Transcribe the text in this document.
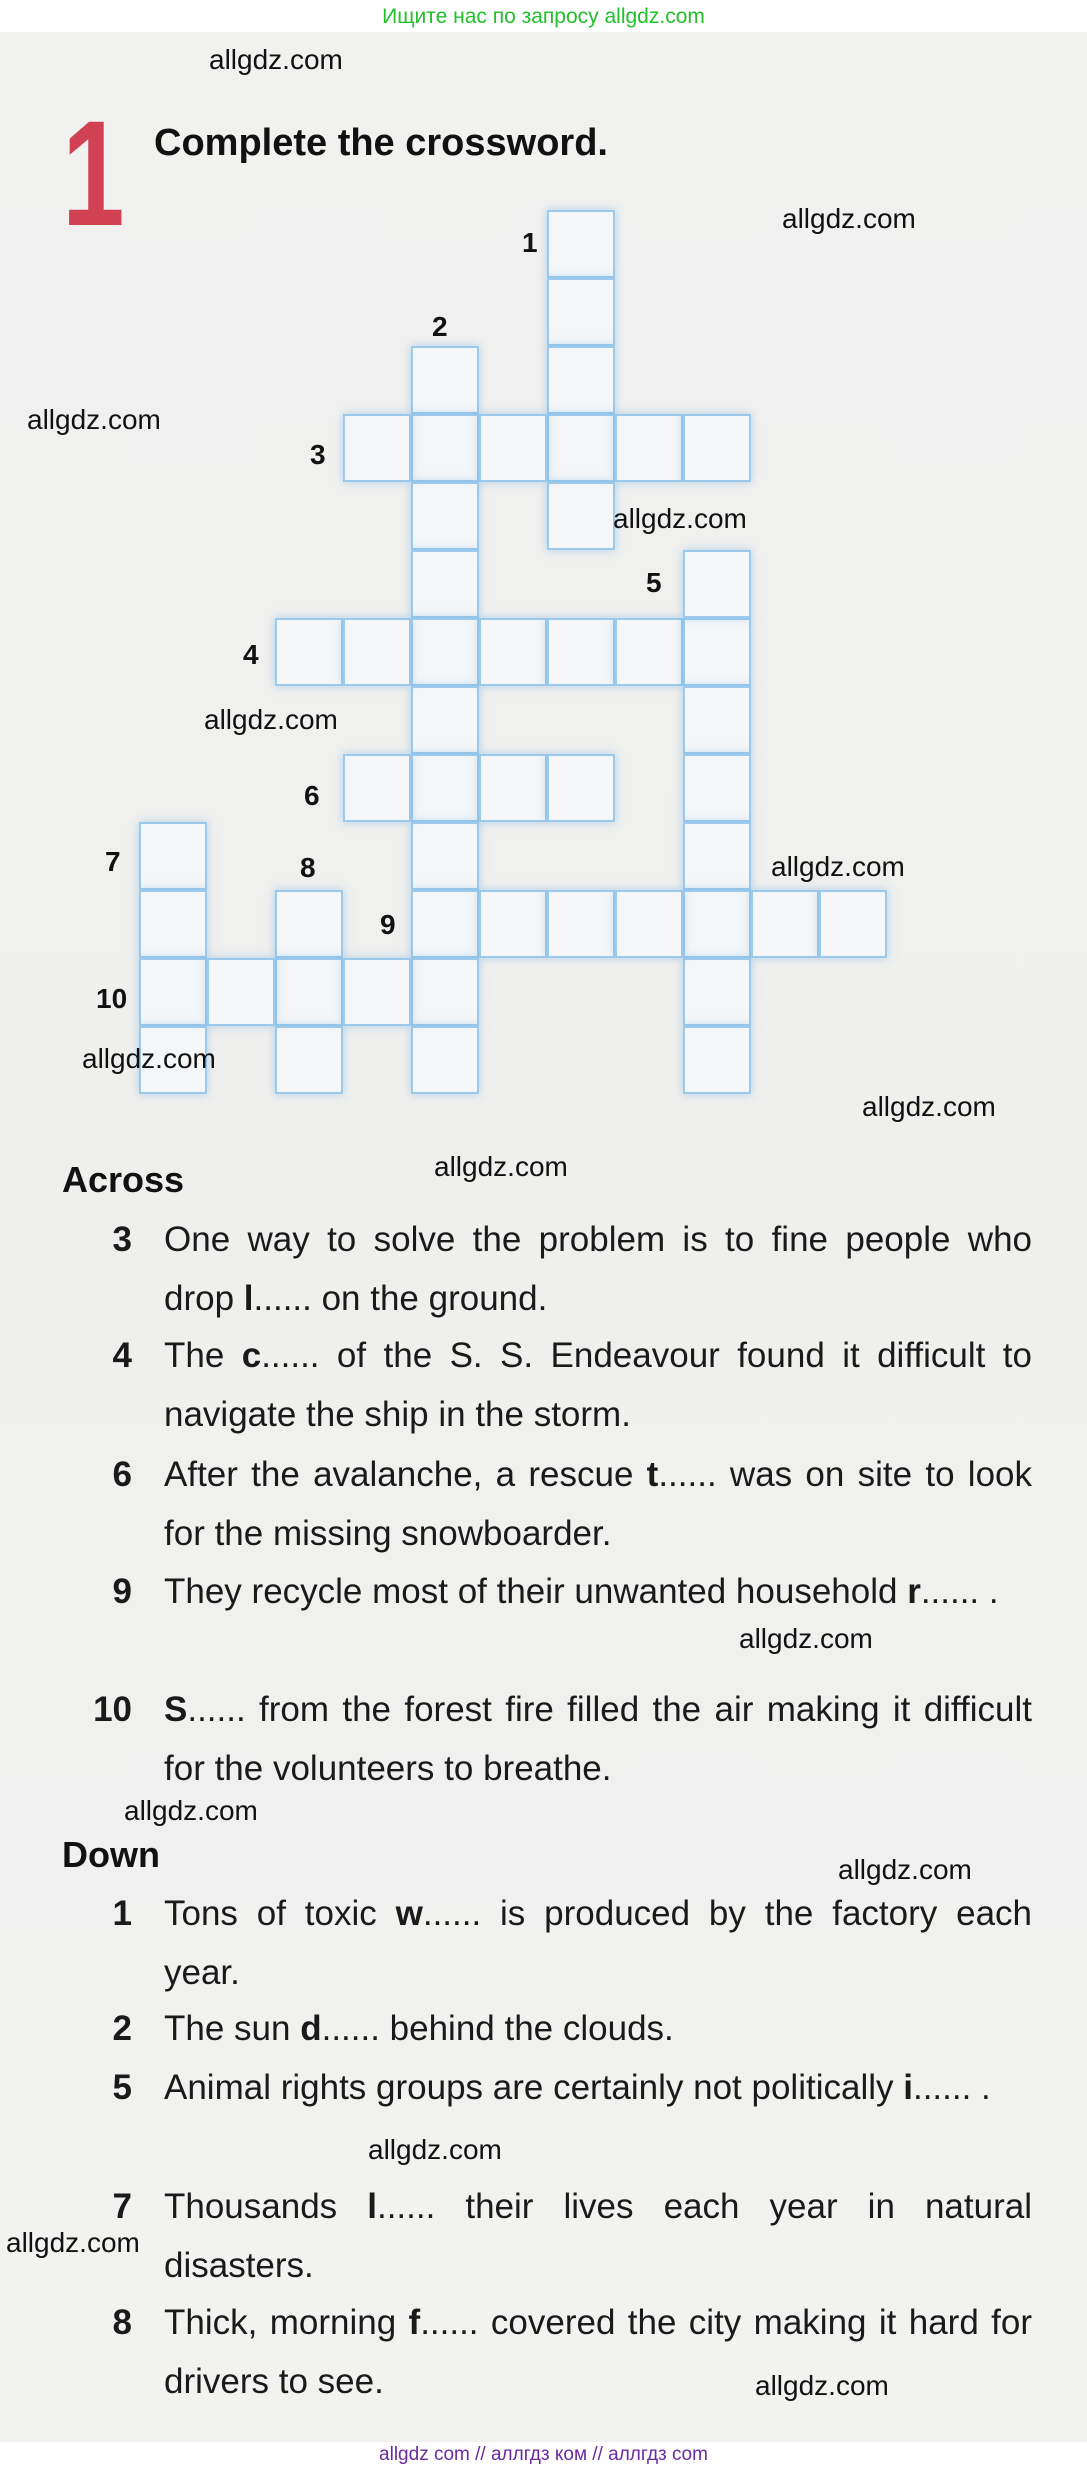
Ищите нас по запросу allgdz.com
1 Complete the crossword.
1
2
3
4
5
6
7	8
9
10
Across
3 One way to solve the problem is to fine people who drop l...... on the ground.
4 The c...... of the S. S. Endeavour found it difficult to navigate the ship in the storm.
6 After the avalanche, a rescue t...... was on site to look for the missing snowboarder.
9 They recycle most of their unwanted household r...... .
10 S...... from the forest fire filled the air making it difficult for the volunteers to breathe.
Down
1 Tons of toxic w...... is produced by the factory each year.
2 The sun d...... behind the clouds.
5 Animal rights groups are certainly not politically i...... .
7 Thousands l...... their lives each year in natural disasters.
8 Thick, morning f...... covered the city making it hard for drivers to see.
allgdz.com
allgdz.com
allgdz.com
allgdz.com
allgdz.com
allgdz.com
allgdz.com
allgdz.com
allgdz.com
allgdz.com
allgdz.com
allgdz.com
allgdz.com
allgdz.com
allgdz.com
allgdz com // аллгдз ком // аллгдз com
